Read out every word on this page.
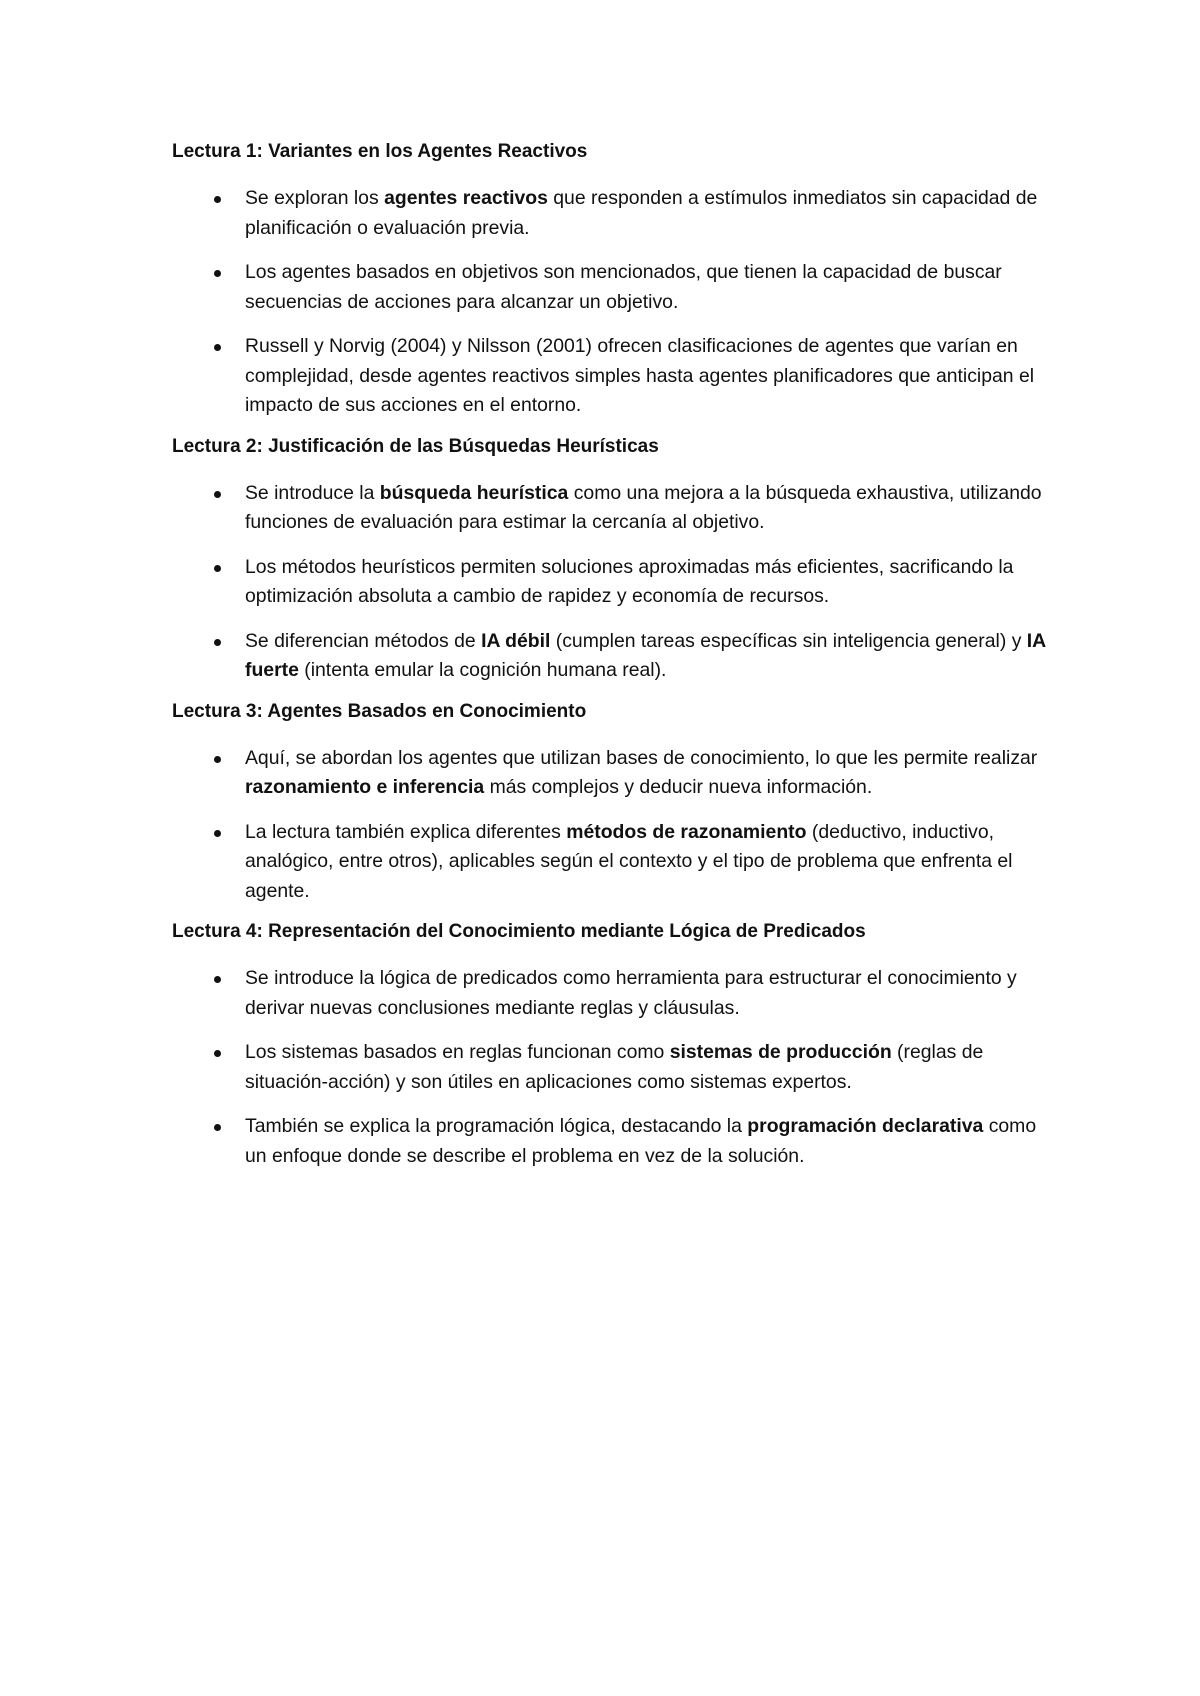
Lectura 1: Variantes en los Agentes Reactivos
Se exploran los agentes reactivos que responden a estímulos inmediatos sin capacidad de planificación o evaluación previa.
Los agentes basados en objetivos son mencionados, que tienen la capacidad de buscar secuencias de acciones para alcanzar un objetivo.
Russell y Norvig (2004) y Nilsson (2001) ofrecen clasificaciones de agentes que varían en complejidad, desde agentes reactivos simples hasta agentes planificadores que anticipan el impacto de sus acciones en el entorno.
Lectura 2: Justificación de las Búsquedas Heurísticas
Se introduce la búsqueda heurística como una mejora a la búsqueda exhaustiva, utilizando funciones de evaluación para estimar la cercanía al objetivo.
Los métodos heurísticos permiten soluciones aproximadas más eficientes, sacrificando la optimización absoluta a cambio de rapidez y economía de recursos.
Se diferencian métodos de IA débil (cumplen tareas específicas sin inteligencia general) y IA fuerte (intenta emular la cognición humana real).
Lectura 3: Agentes Basados en Conocimiento
Aquí, se abordan los agentes que utilizan bases de conocimiento, lo que les permite realizar razonamiento e inferencia más complejos y deducir nueva información.
La lectura también explica diferentes métodos de razonamiento (deductivo, inductivo, analógico, entre otros), aplicables según el contexto y el tipo de problema que enfrenta el agente.
Lectura 4: Representación del Conocimiento mediante Lógica de Predicados
Se introduce la lógica de predicados como herramienta para estructurar el conocimiento y derivar nuevas conclusiones mediante reglas y cláusulas.
Los sistemas basados en reglas funcionan como sistemas de producción (reglas de situación-acción) y son útiles en aplicaciones como sistemas expertos.
También se explica la programación lógica, destacando la programación declarativa como un enfoque donde se describe el problema en vez de la solución.
